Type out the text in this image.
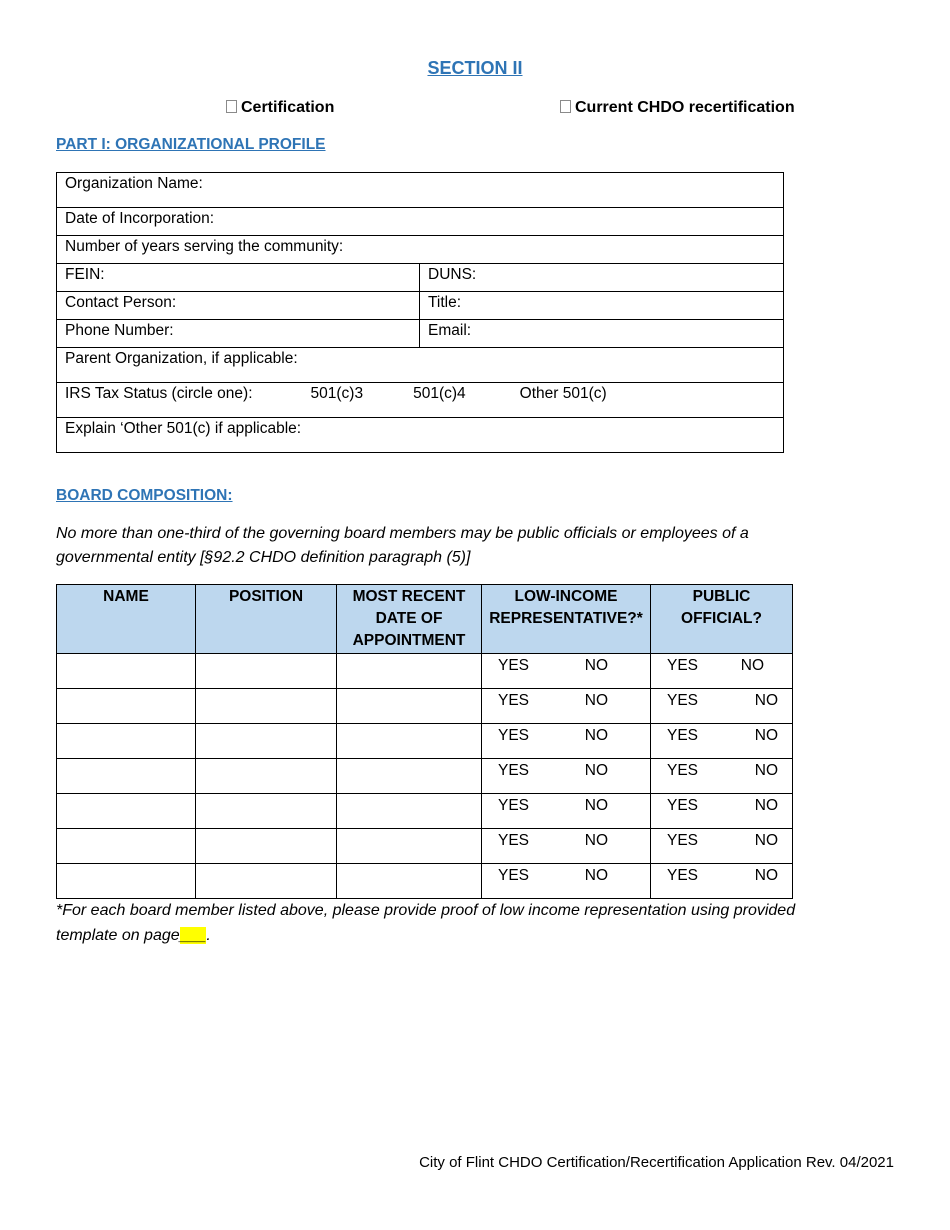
SECTION II
Certification	Current CHDO recertification
PART I: ORGANIZATIONAL PROFILE
Organization Name:	
Date of Incorporation:	
Number of years serving the community:	
FEIN:	DUNS:
Contact Person:	Title:
Phone Number:	Email:
Parent Organization, if applicable:	
IRS Tax Status (circle one): 501(c)3 501(c)4 Other 501(c)	
Explain ‘Other 501(c) if applicable:	
BOARD COMPOSITION:
No more than one-third of the governing board members may be public officials or employees of a governmental entity [§92.2 CHDO definition paragraph (5)]
NAME	POSITION	MOST RECENT DATE OF APPOINTMENT	LOW-INCOME REPRESENTATIVE?*	PUBLIC OFFICIAL?

			YES NO	YES NO

			YES NO	YES NO

			YES NO	YES NO

			YES NO	YES NO

			YES NO	YES NO

			YES NO	YES NO

			YES NO	YES NO
*For each board member listed above, please provide proof of low income representation using provided template on page___.
City of Flint CHDO Certification/Recertification Application Rev. 04/2021
